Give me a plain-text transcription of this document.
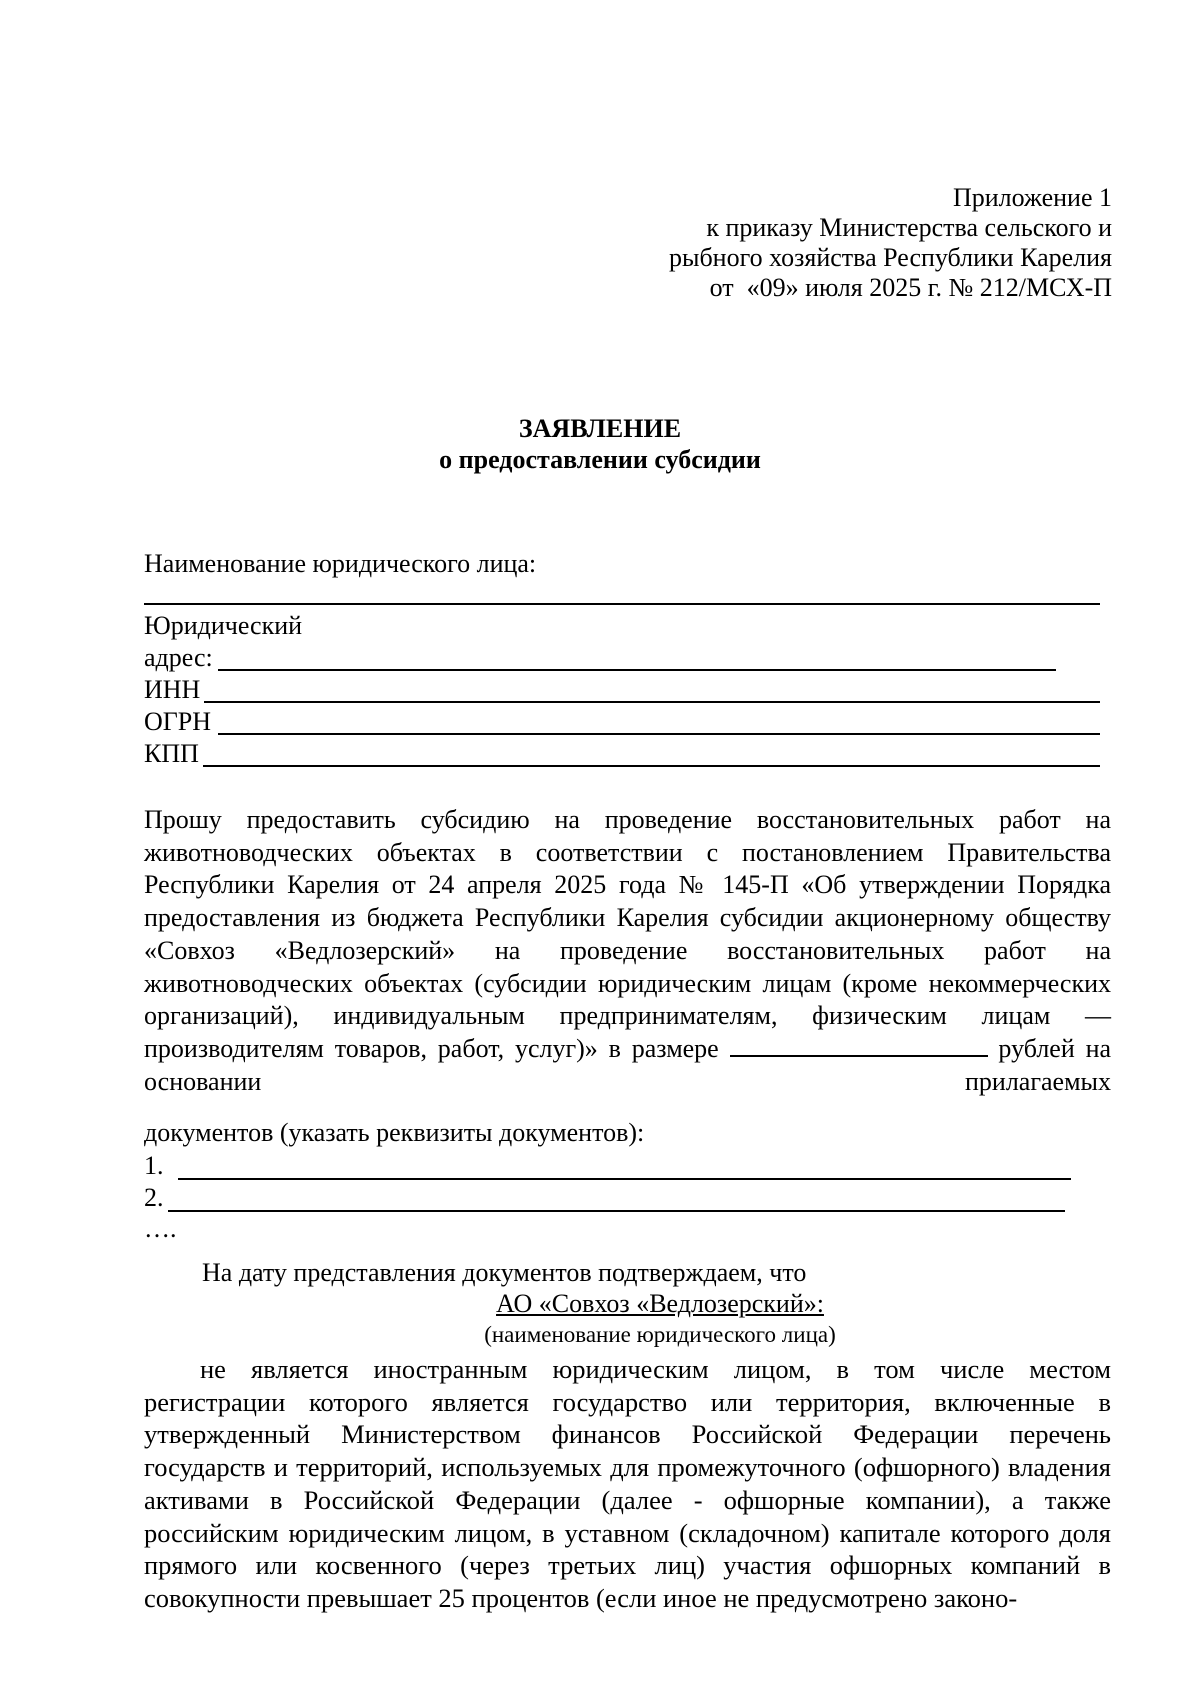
Приложение 1
к приказу Министерства сельского и
рыбного хозяйства Республики Карелия
от  «09» июля 2025 г. № 212/МСХ-П
ЗАЯВЛЕНИЕ
о предоставлении субсидии
Наименование юридического лица:
Юридический
адрес:
ИНН
ОГРН
КПП
Прошу предоставить субсидию на проведение восстановительных работ на животноводческих объектах в соответствии с постановлением Правительства Республики Карелия от 24 апреля 2025 года № 145-П «Об утверждении Порядка предоставления из бюджета Республики Карелия субсидии акционерному обществу «Совхоз «Ведлозерский» на проведение восстановительных работ на животноводческих объектах (субсидии юридическим лицам (кроме некоммерческих организаций), индивидуальным предпринимателям, физическим лицам — производителям товаров, работ, услуг)» в размере	рублей на основании прилагаемых
документов (указать реквизиты документов):
1.
2.
….
На дату представления документов подтверждаем, что
АО «Совхоз «Ведлозерский»:
(наименование юридического лица)
не является иностранным юридическим лицом, в том числе местом регистрации которого является государство или территория, включенные в утвержденный Министерством финансов Российской Федерации перечень государств и территорий, используемых для промежуточного (офшорного) владения активами в Российской Федерации (далее - офшорные компании), а также российским юридическим лицом, в уставном (складочном) капитале которого доля прямого или косвенного (через третьих лиц) участия офшорных компаний в совокупности превышает 25 процентов (если иное не предусмотрено законо-
